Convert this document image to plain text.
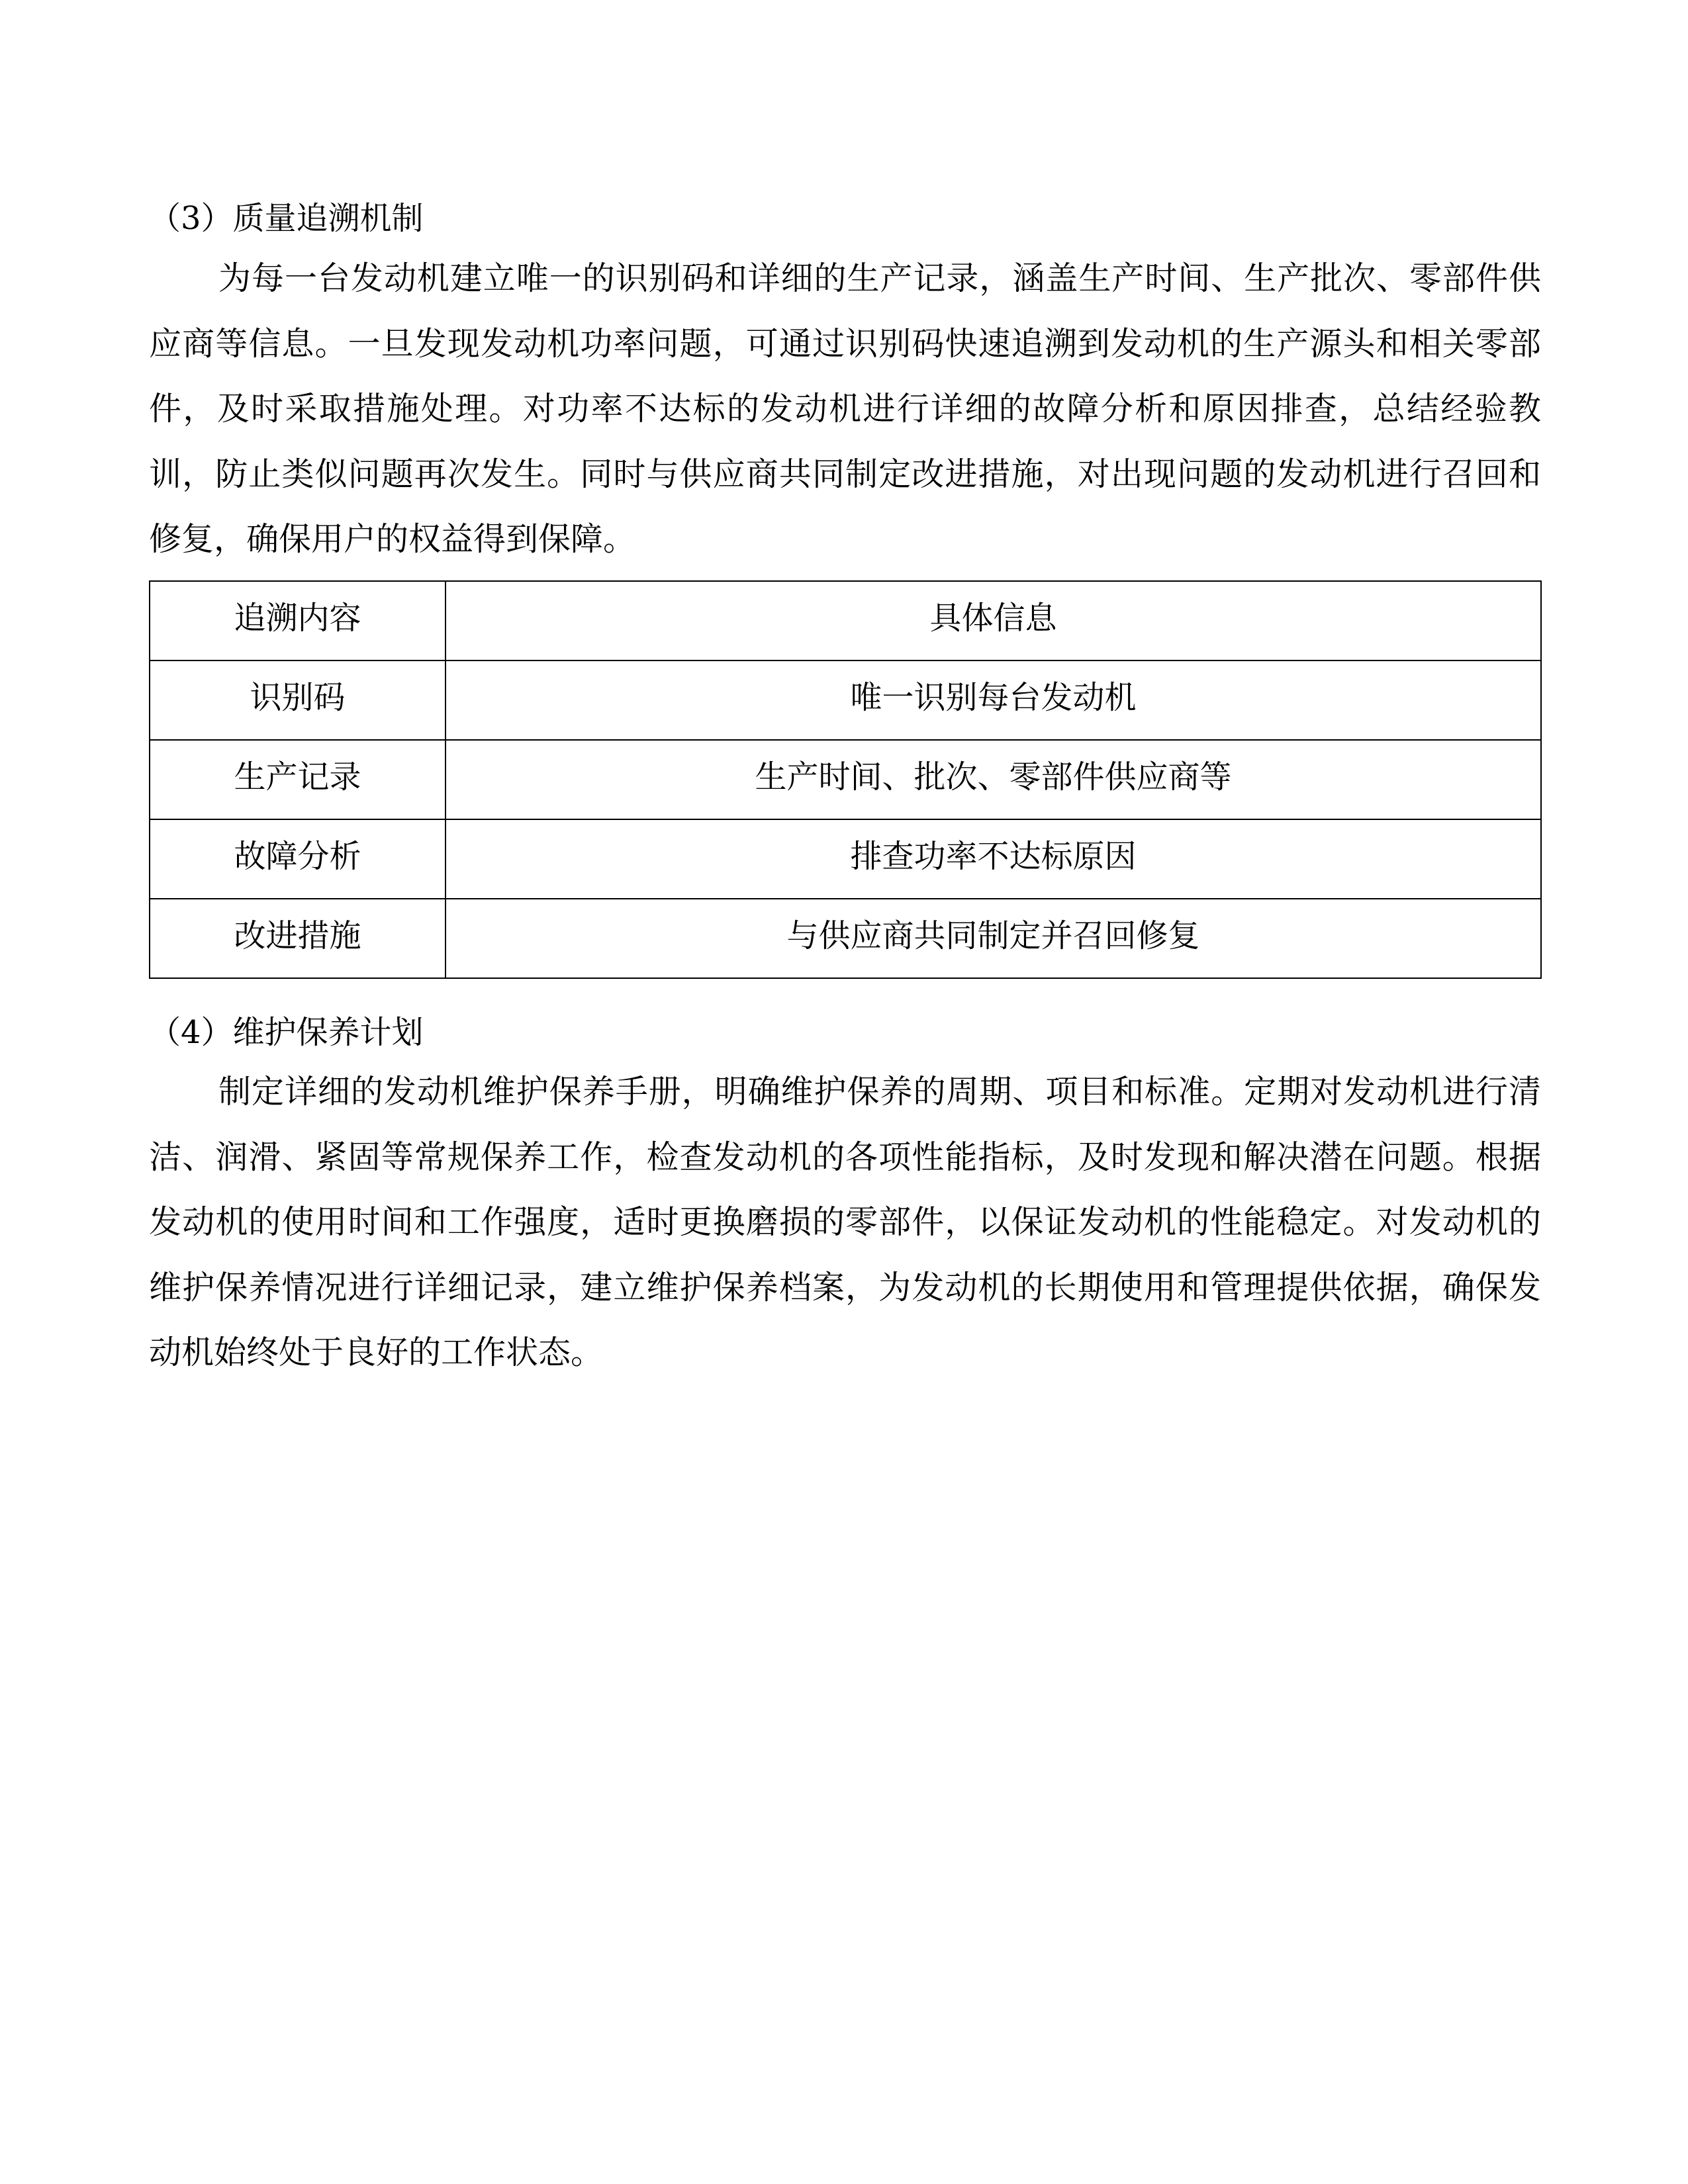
（3）质量追溯机制
为每一台发动机建立唯一的识别码和详细的生产记录，涵盖生产时间、生产批次、零部件供应商等信息。一旦发现发动机功率问题，可通过识别码快速追溯到发动机的生产源头和相关零部件，及时采取措施处理。对功率不达标的发动机进行详细的故障分析和原因排查，总结经验教训，防止类似问题再次发生。同时与供应商共同制定改进措施，对出现问题的发动机进行召回和修复，确保用户的权益得到保障。
追溯内容	具体信息
识别码	唯一识别每台发动机
生产记录	生产时间、批次、零部件供应商等
故障分析	排查功率不达标原因
改进措施	与供应商共同制定并召回修复
（4）维护保养计划
制定详细的发动机维护保养手册，明确维护保养的周期、项目和标准。定期对发动机进行清洁、润滑、紧固等常规保养工作，检查发动机的各项性能指标，及时发现和解决潜在问题。根据发动机的使用时间和工作强度，适时更换磨损的零部件，以保证发动机的性能稳定。对发动机的维护保养情况进行详细记录，建立维护保养档案，为发动机的长期使用和管理提供依据，确保发动机始终处于良好的工作状态。
